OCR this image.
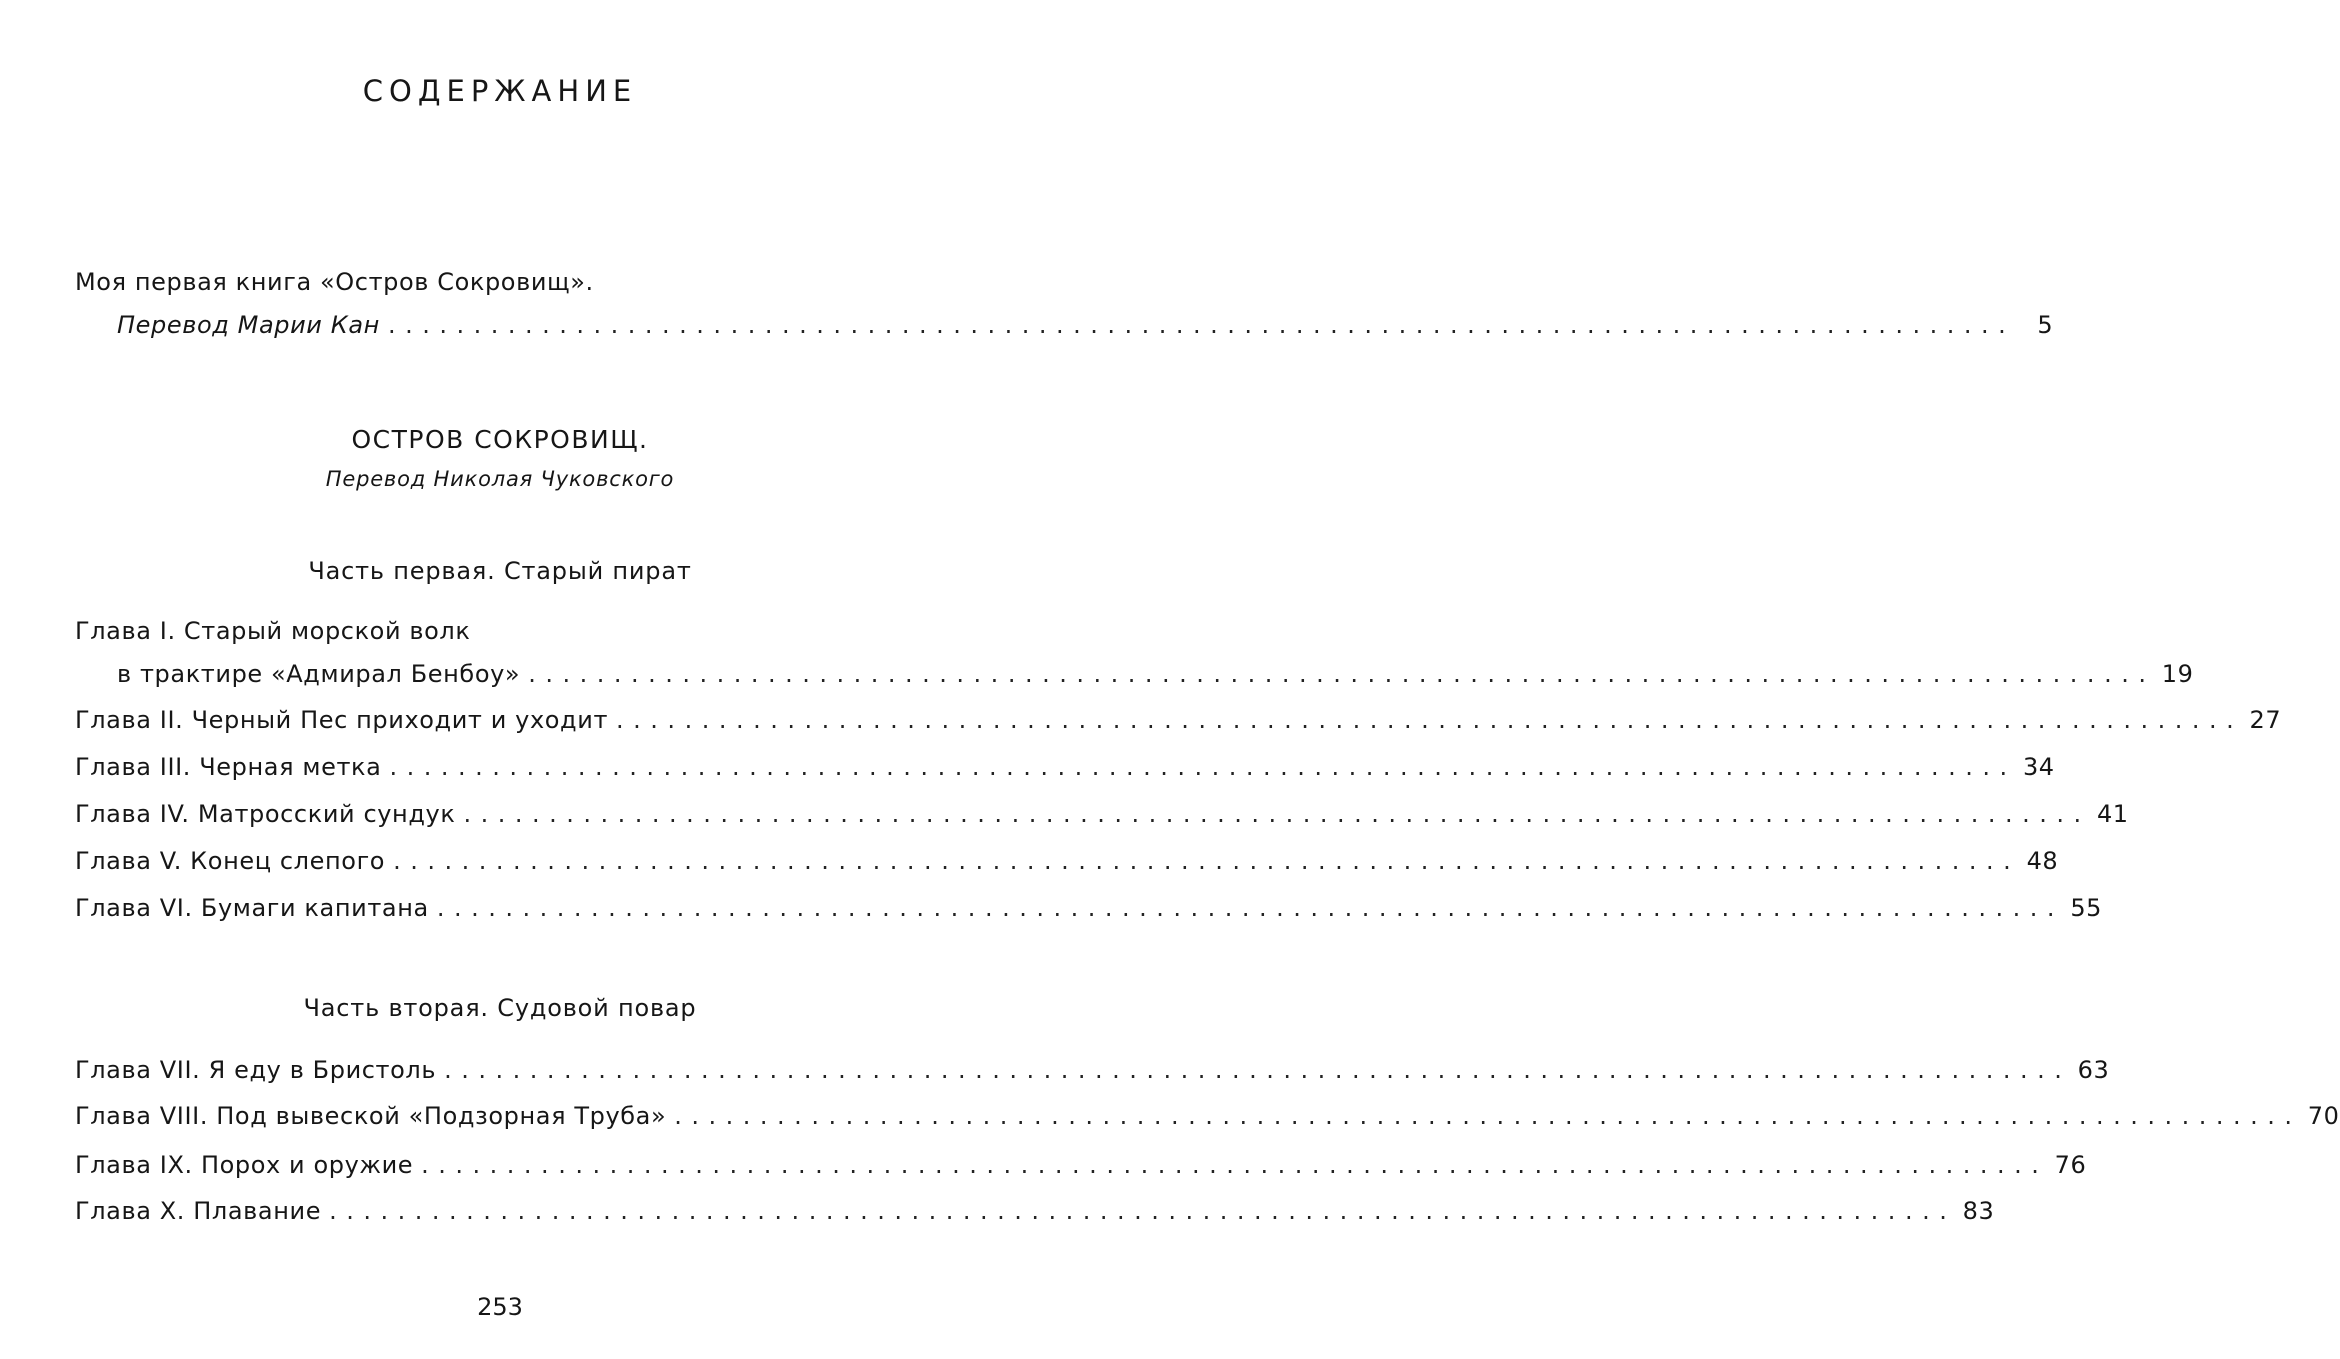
СОДЕРЖАНИЕ
Моя первая книга «Остров Сокровищ».
Перевод Марии Кан ............................................................................................... 5
ОСТРОВ СОКРОВИЩ.
Перевод Николая Чуковского
Часть первая. Старый пират
Глава I. Старый морской волк
в трактире «Адмирал Бенбоу» ............................................................................................... 19
Глава II. Черный Пес приходит и уходит ............................................................................................... 27
Глава III. Черная метка ............................................................................................... 34
Глава IV. Матросский сундук ............................................................................................... 41
Глава V. Конец слепого ............................................................................................... 48
Глава VI. Бумаги капитана ............................................................................................... 55
Часть вторая. Судовой повар
Глава VII. Я еду в Бристоль ............................................................................................... 63
Глава VIII. Под вывеской «Подзорная Труба» ............................................................................................... 70
Глава IX. Порох и оружие ............................................................................................... 76
Глава X. Плавание ............................................................................................... 83
253
